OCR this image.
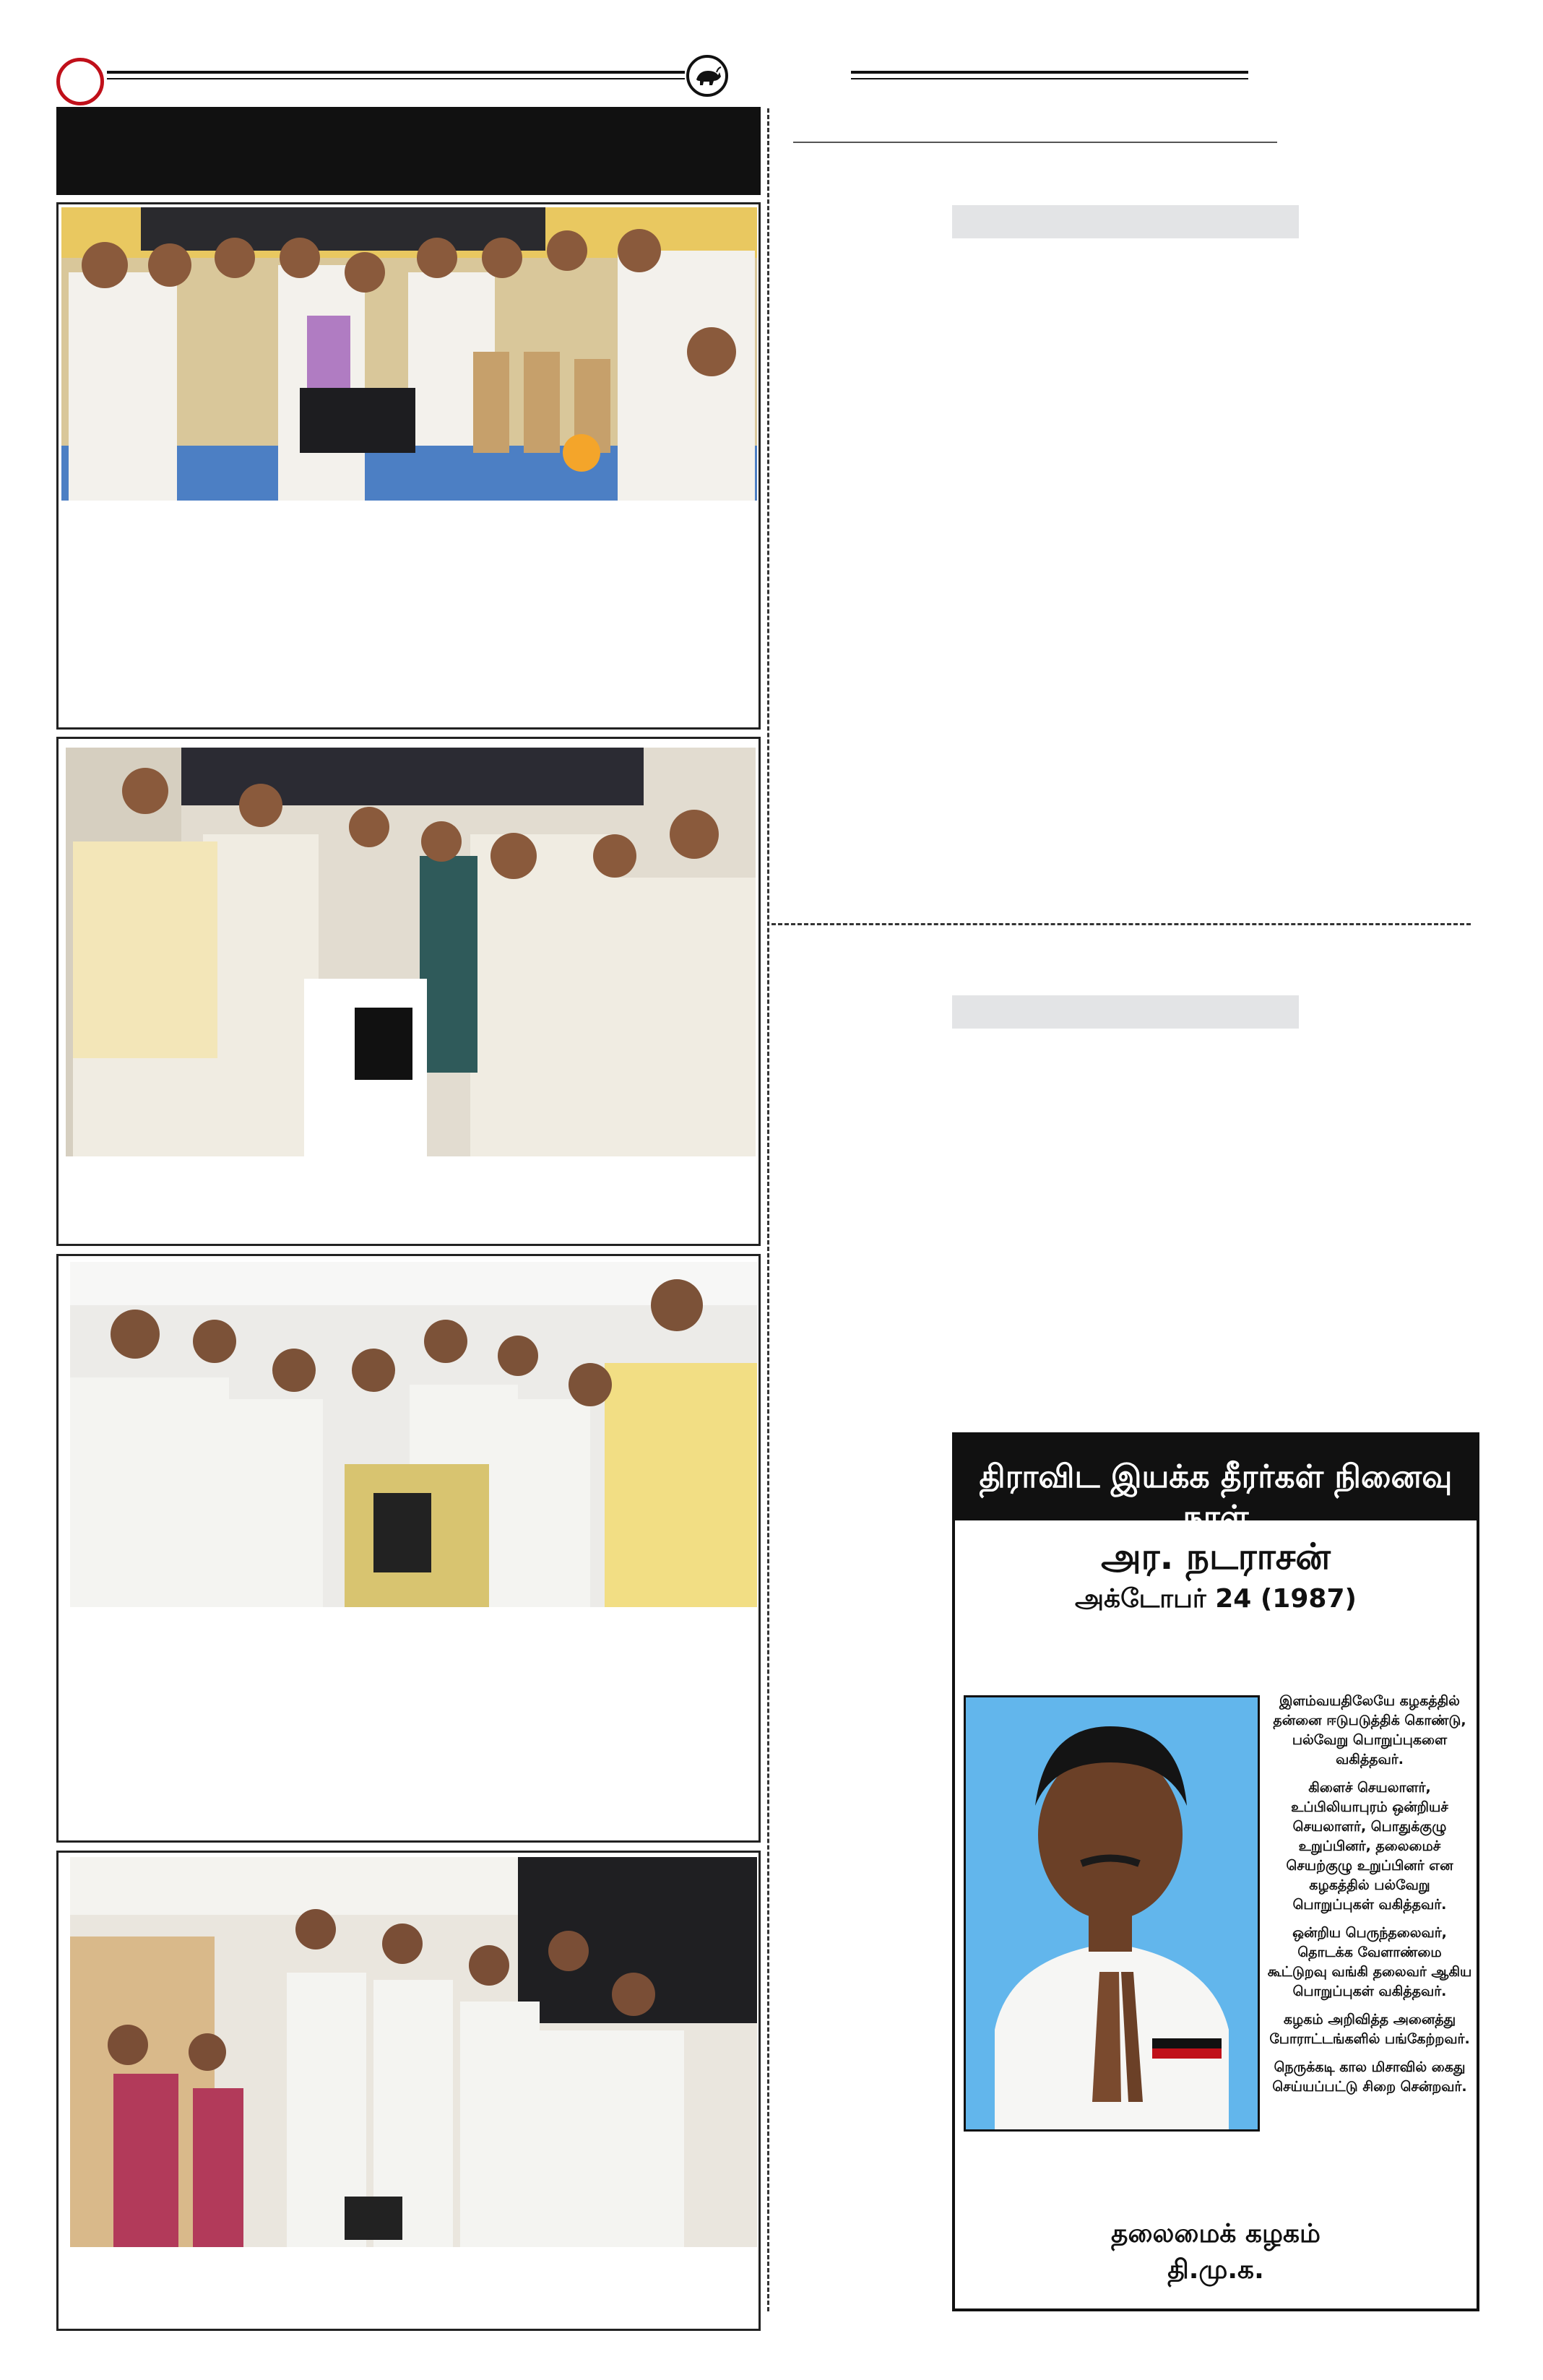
திராவிட இயக்க தீரர்கள் நினைவு நாள்
அர. நடராசன்
அக்டோபர் 24 (1987)
இளம்வயதிலேயே கழகத்தில் தன்னை ஈடுபடுத்திக் கொண்டு, பல்வேறு பொறுப்புகளை வகித்தவர்.
கிளைச் செயலாளர், உப்பிலியாபுரம் ஒன்றியச் செயலாளர், பொதுக்குழு உறுப்பினர், தலைமைச் செயற்குழு உறுப்பினர் என கழகத்தில் பல்வேறு பொறுப்புகள் வகித்தவர்.
ஒன்றிய பெருந்தலைவர், தொடக்க வேளாண்மை கூட்டுறவு வங்கி தலைவர் ஆகிய பொறுப்புகள் வகித்தவர்.
கழகம் அறிவித்த அனைத்து போராட்டங்களில் பங்கேற்றவர்.
நெருக்கடி கால மிசாவில் கைது செய்யப்பட்டு சிறை சென்றவர்.
தலைமைக் கழகம்
தி.மு.க.
